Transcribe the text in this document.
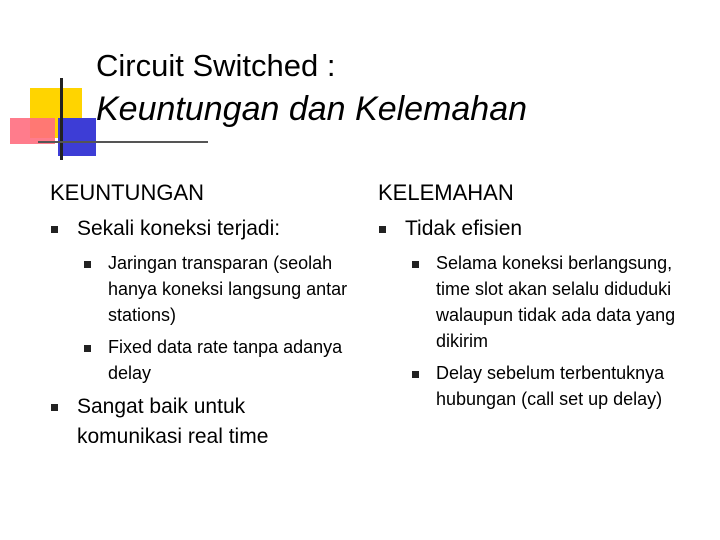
Circuit Switched :
Keuntungan dan Kelemahan
KEUNTUNGAN
Sekali koneksi terjadi:
Jaringan transparan (seolah hanya koneksi langsung antar stations)
Fixed data rate tanpa adanya delay
Sangat baik untuk komunikasi real time
KELEMAHAN
Tidak efisien
Selama koneksi berlangsung, time slot akan selalu diduduki walaupun tidak ada data yang dikirim
Delay sebelum terbentuknya hubungan (call set up delay)
